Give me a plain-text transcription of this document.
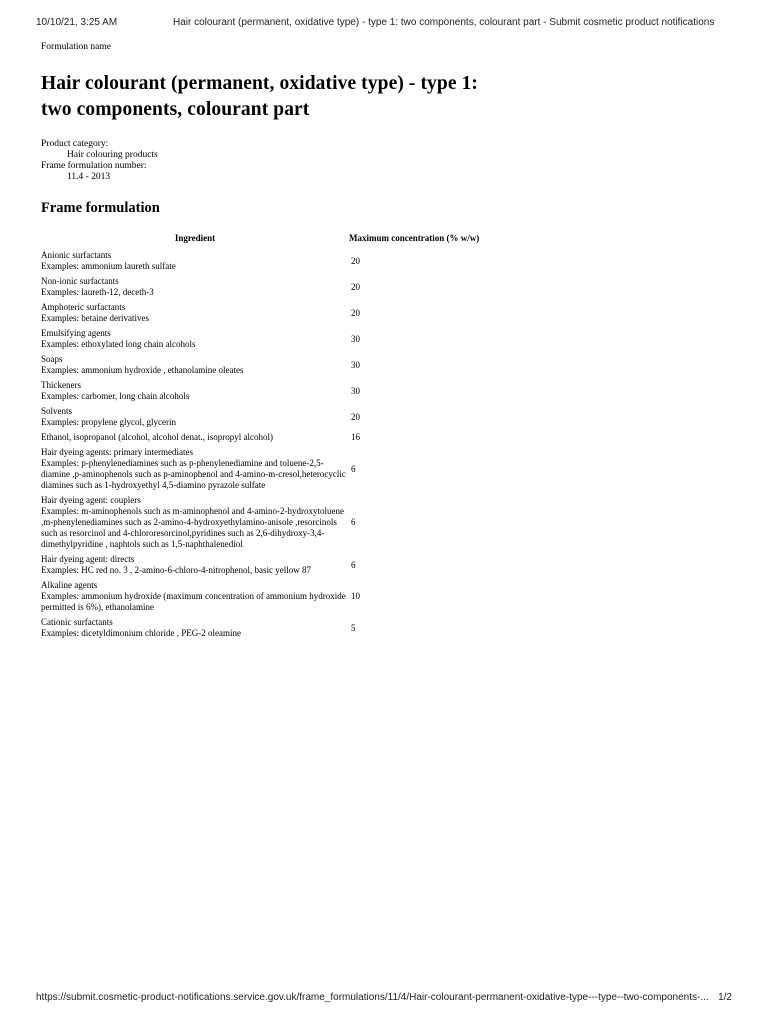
10/10/21, 3:25 AM	Hair colourant (permanent, oxidative type) - type 1: two components, colourant part - Submit cosmetic product notifications

Formulation name

Hair colourant (permanent, oxidative type) - type 1:
two components, colourant part

Product category:

Hair colouring products

Frame formulation number:

11.4 - 2013

Frame formulation
Ingredient	Maximum concentration (% w/w)

Anionic surfactants
Examples: ammonium laureth sulfate	20

Non-ionic surfactants
Examples: laureth-12, deceth-3	20

Amphoteric surfactants
Examples: betaine derivatives	20

Emulsifying agents
Examples: ethoxylated long chain alcohols	30

Soaps
Examples: ammonium hydroxide , ethanolamine oleates	30

Thickeners
Examples: carbomer, long chain alcohols	30

Solvents
Examples: propylene glycol, glycerin	20

Ethanol, isopropanol (alcohol, alcohol denat., isopropyl alcohol)	16

Hair dyeing agents: primary intermediates
Examples: p-phenylenediamines such as p-phenylenediamine and toluene-2,5-diamine ,p-aminophenols such as p-aminophenol and 4-amino-m-cresol,heterocyclic diamines such as 1-hydroxyethyl 4,5-diamino pyrazole sulfate	6

Hair dyeing agent: couplers
Examples: m-aminophenols such as m-aminophenol and 4-amino-2-hydroxytoluene ,m-phenylenediamines such as 2-amino-4-hydroxyethylamino-anisole ,resorcinols such as resorcinol and 4-chlororesorcinol,pyridines such as 2,6-dihydroxy-3,4-dimethylpyridine , naphtols such as 1,5-naphthalenediol	6

Hair dyeing agent: directs
Examples: HC red no. 3 , 2-amino-6-chloro-4-nitrophenol, basic yellow 87	6

Alkaline agents
Examples: ammonium hydroxide (maximum concentration of ammonium hydroxide permitted is 6%), ethanolamine	10

Cationic surfactants
Examples: dicetyldimonium chloride , PEG-2 oleamine	5
https://submit.cosmetic-product-notifications.service.gov.uk/frame_formulations/11/4/Hair-colourant-permanent-oxidative-type---type--two-components-... 1/2
